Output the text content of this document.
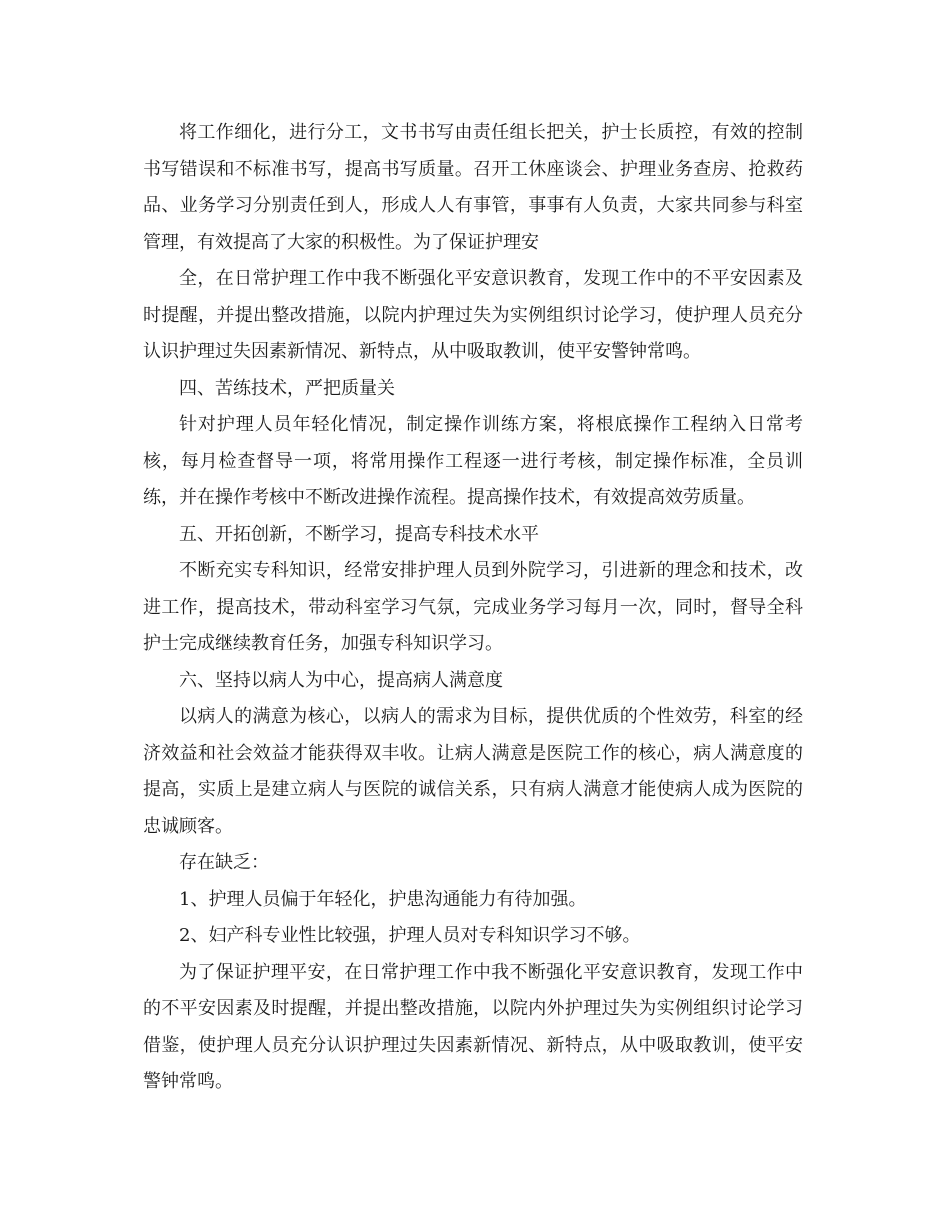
将工作细化，进行分工，文书书写由责任组长把关，护士长质控，有效的控制书写错误和不标准书写，提高书写质量。召开工休座谈会、护理业务查房、抢救药品、业务学习分别责任到人，形成人人有事管，事事有人负责，大家共同参与科室管理，有效提高了大家的积极性。为了保证护理安

全，在日常护理工作中我不断强化平安意识教育，发现工作中的不平安因素及时提醒，并提出整改措施，以院内护理过失为实例组织讨论学习，使护理人员充分认识护理过失因素新情况、新特点，从中吸取教训，使平安警钟常鸣。

四、苦练技术，严把质量关

针对护理人员年轻化情况，制定操作训练方案，将根底操作工程纳入日常考核，每月检查督导一项，将常用操作工程逐一进行考核，制定操作标准，全员训练，并在操作考核中不断改进操作流程。提高操作技术，有效提高效劳质量。

五、开拓创新，不断学习，提高专科技术水平

不断充实专科知识，经常安排护理人员到外院学习，引进新的理念和技术，改进工作，提高技术，带动科室学习气氛，完成业务学习每月一次，同时，督导全科护士完成继续教育任务，加强专科知识学习。

六、坚持以病人为中心，提高病人满意度

以病人的满意为核心，以病人的需求为目标，提供优质的个性效劳，科室的经济效益和社会效益才能获得双丰收。让病人满意是医院工作的核心，病人满意度的提高，实质上是建立病人与医院的诚信关系，只有病人满意才能使病人成为医院的忠诚顾客。

存在缺乏：

1、护理人员偏于年轻化，护患沟通能力有待加强。

2、妇产科专业性比较强，护理人员对专科知识学习不够。

为了保证护理平安，在日常护理工作中我不断强化平安意识教育，发现工作中的不平安因素及时提醒，并提出整改措施，以院内外护理过失为实例组织讨论学习借鉴，使护理人员充分认识护理过失因素新情况、新特点，从中吸取教训，使平安警钟常鸣。
